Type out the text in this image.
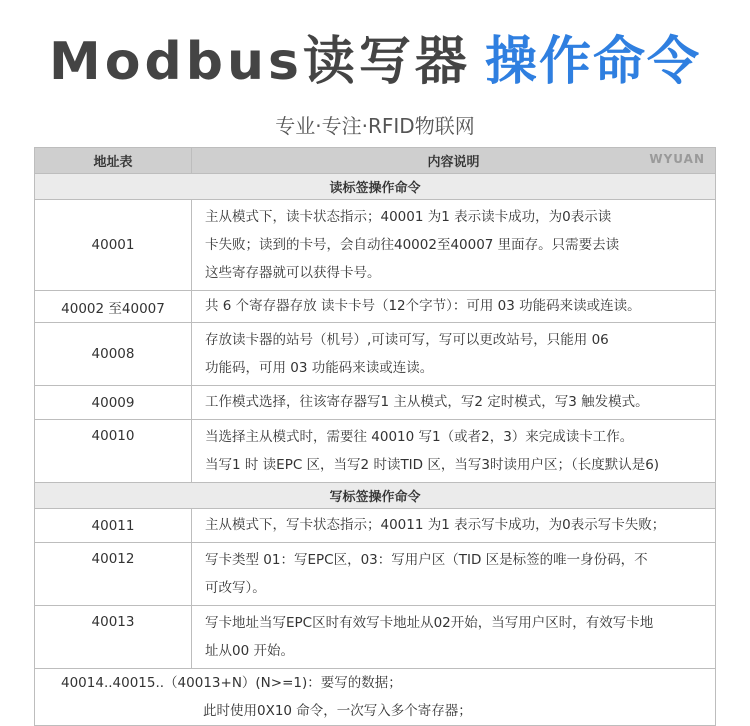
Modbus读写器 操作命令
专业·专注·RFID物联网
地址表	内容说明 WYUAN

读标签操作命令	
40001	主从模式下，读卡状态指示；40001 为1 表示读卡成功，为0表示读
卡失败；读到的卡号，会自动往40002至40007 里面存。只需要去读
这些寄存器就可以获得卡号。

40002 至40007	共 6 个寄存器存放 读卡卡号（12个字节）：可用 03 功能码来读或连读。

40008	存放读卡器的站号（机号）,可读可写，写可以更改站号，只能用 06
功能码，可用 03 功能码来读或连读。

40009	工作模式选择，往该寄存器写1 主从模式，写2 定时模式，写3 触发模式。

40010	当选择主从模式时，需要往 40010 写1（或者2，3）来完成读卡工作。
当写1 时 读EPC 区，当写2 时读TID 区，当写3时读用户区；（长度默认是6)

写标签操作命令	
40011	主从模式下，写卡状态指示；40011 为1 表示写卡成功，为0表示写卡失败；

40012	写卡类型 01：写EPC区，03：写用户区（TID 区是标签的唯一身份码，不
可改写）。

40013	写卡地址当写EPC区时有效写卡地址从02开始，当写用户区时，有效写卡地
址从00 开始。

40014..40015..（40013+N）(N>=1)：要写的数据；
此时使用0X10 命令，一次写入多个寄存器；	
